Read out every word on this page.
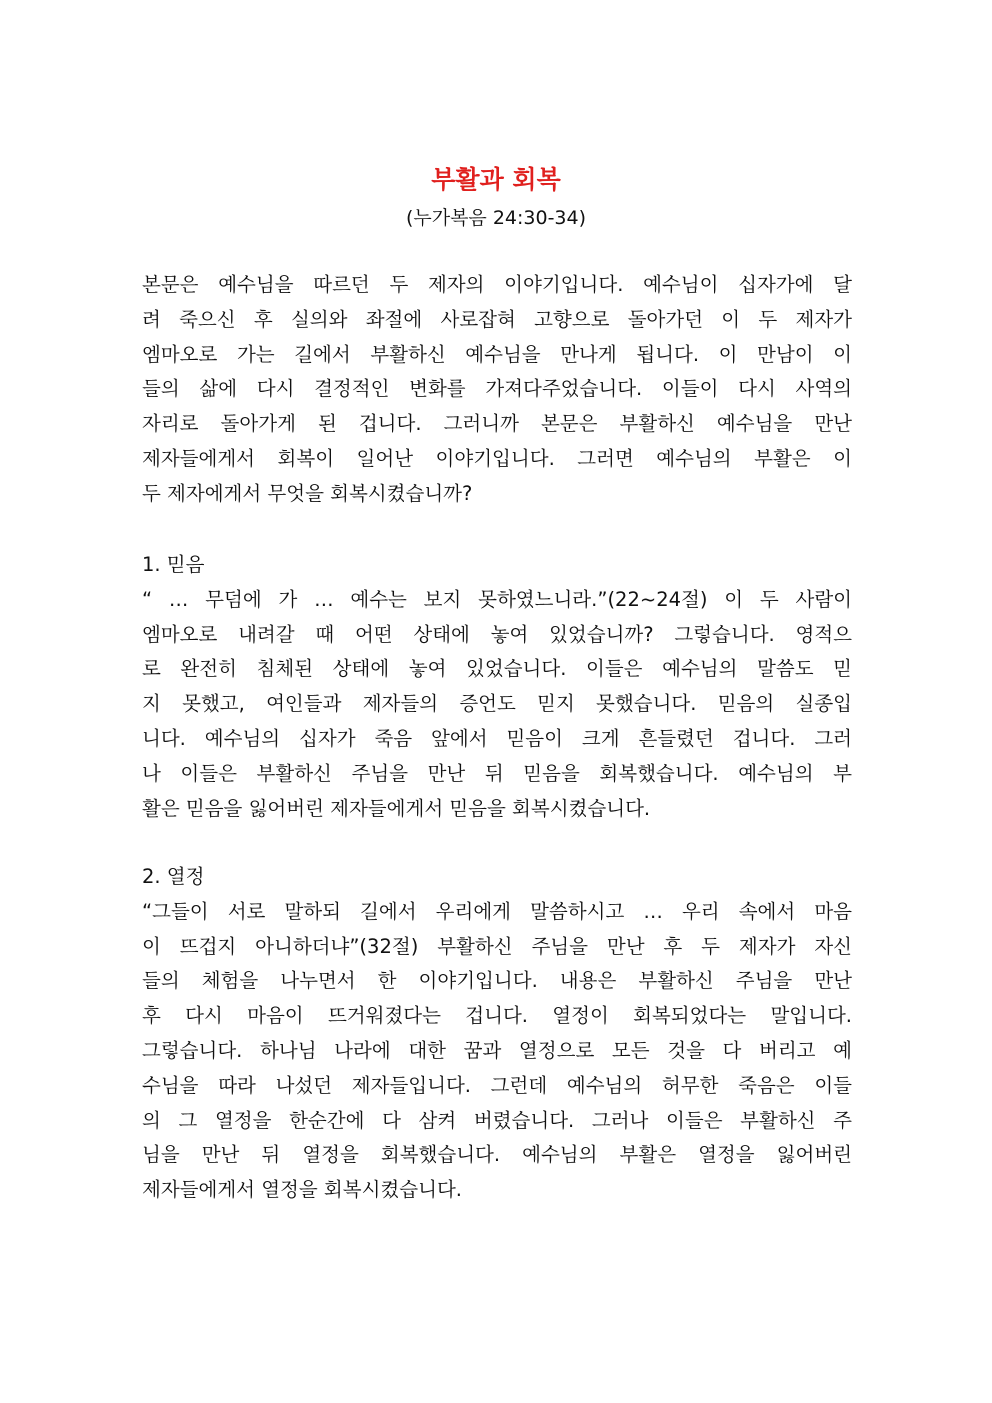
부활과 회복
(누가복음 24:30-34)
본문은 예수님을 따르던 두 제자의 이야기입니다. 예수님이 십자가에 달
려 죽으신 후 실의와 좌절에 사로잡혀 고향으로 돌아가던 이 두 제자가
엠마오로 가는 길에서 부활하신 예수님을 만나게 됩니다. 이 만남이 이
들의 삶에 다시 결정적인 변화를 가져다주었습니다. 이들이 다시 사역의
자리로 돌아가게 된 겁니다. 그러니까 본문은 부활하신 예수님을 만난
제자들에게서 회복이 일어난 이야기입니다. 그러면 예수님의 부활은 이
두 제자에게서 무엇을 회복시켰습니까?
1. 믿음
“ … 무덤에 가 … 예수는 보지 못하였느니라.”(22~24절) 이 두 사람이
엠마오로 내려갈 때 어떤 상태에 놓여 있었습니까? 그렇습니다. 영적으
로 완전히 침체된 상태에 놓여 있었습니다. 이들은 예수님의 말씀도 믿
지 못했고, 여인들과 제자들의 증언도 믿지 못했습니다. 믿음의 실종입
니다. 예수님의 십자가 죽음 앞에서 믿음이 크게 흔들렸던 겁니다. 그러
나 이들은 부활하신 주님을 만난 뒤 믿음을 회복했습니다. 예수님의 부
활은 믿음을 잃어버린 제자들에게서 믿음을 회복시켰습니다.
2. 열정
“그들이 서로 말하되 길에서 우리에게 말씀하시고 … 우리 속에서 마음
이 뜨겁지 아니하더냐”(32절) 부활하신 주님을 만난 후 두 제자가 자신
들의 체험을 나누면서 한 이야기입니다. 내용은 부활하신 주님을 만난
후 다시 마음이 뜨거워졌다는 겁니다. 열정이 회복되었다는 말입니다.
그렇습니다. 하나님 나라에 대한 꿈과 열정으로 모든 것을 다 버리고 예
수님을 따라 나섰던 제자들입니다. 그런데 예수님의 허무한 죽음은 이들
의 그 열정을 한순간에 다 삼켜 버렸습니다. 그러나 이들은 부활하신 주
님을 만난 뒤 열정을 회복했습니다. 예수님의 부활은 열정을 잃어버린
제자들에게서 열정을 회복시켰습니다.
